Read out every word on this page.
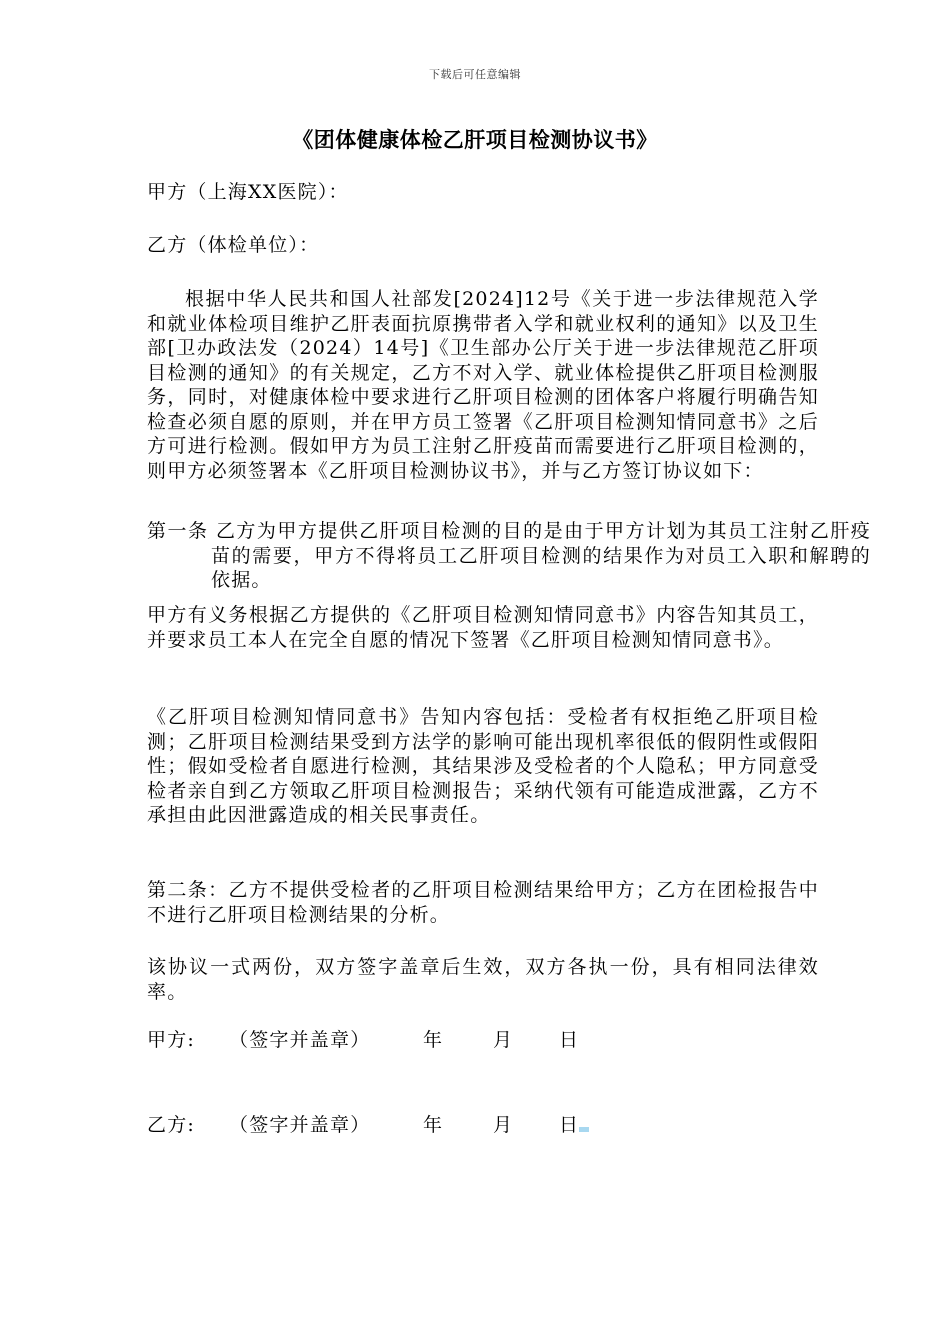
下载后可任意编辑
《团体健康体检乙肝项目检测协议书》

甲方（上海XX医院）：

乙方（体检单位）：

根据中华人民共和国人社部发[2024]12号《关于进一步法律规范入学和就业体检项目维护乙肝表面抗原携带者入学和就业权利的通知》以及卫生部[卫办政法发（2024）14号]《卫生部办公厅关于进一步法律规范乙肝项目检测的通知》的有关规定，乙方不对入学、就业体检提供乙肝项目检测服务，同时，对健康体检中要求进行乙肝项目检测的团体客户将履行明确告知检查必须自愿的原则，并在甲方员工签署《乙肝项目检测知情同意书》之后方可进行检测。假如甲方为员工注射乙肝疫苗而需要进行乙肝项目检测的，则甲方必须签署本《乙肝项目检测协议书》，并与乙方签订协议如下：

第一条 乙方为甲方提供乙肝项目检测的目的是由于甲方计划为其员工注射乙肝疫苗的需要，甲方不得将员工乙肝项目检测的结果作为对员工入职和解聘的依据。

甲方有义务根据乙方提供的《乙肝项目检测知情同意书》内容告知其员工，并要求员工本人在完全自愿的情况下签署《乙肝项目检测知情同意书》。

《乙肝项目检测知情同意书》告知内容包括：受检者有权拒绝乙肝项目检测；乙肝项目检测结果受到方法学的影响可能出现机率很低的假阴性或假阳性；假如受检者自愿进行检测，其结果涉及受检者的个人隐私；甲方同意受检者亲自到乙方领取乙肝项目检测报告；采纳代领有可能造成泄露，乙方不承担由此因泄露造成的相关民事责任。

第二条：乙方不提供受检者的乙肝项目检测结果给甲方；乙方在团检报告中不进行乙肝项目检测结果的分析。

该协议一式两份，双方签字盖章后生效，双方各执一份，具有相同法律效率。

甲方: （签字并盖章）	年	月 日
乙方: （签字并盖章）	年	月 日
